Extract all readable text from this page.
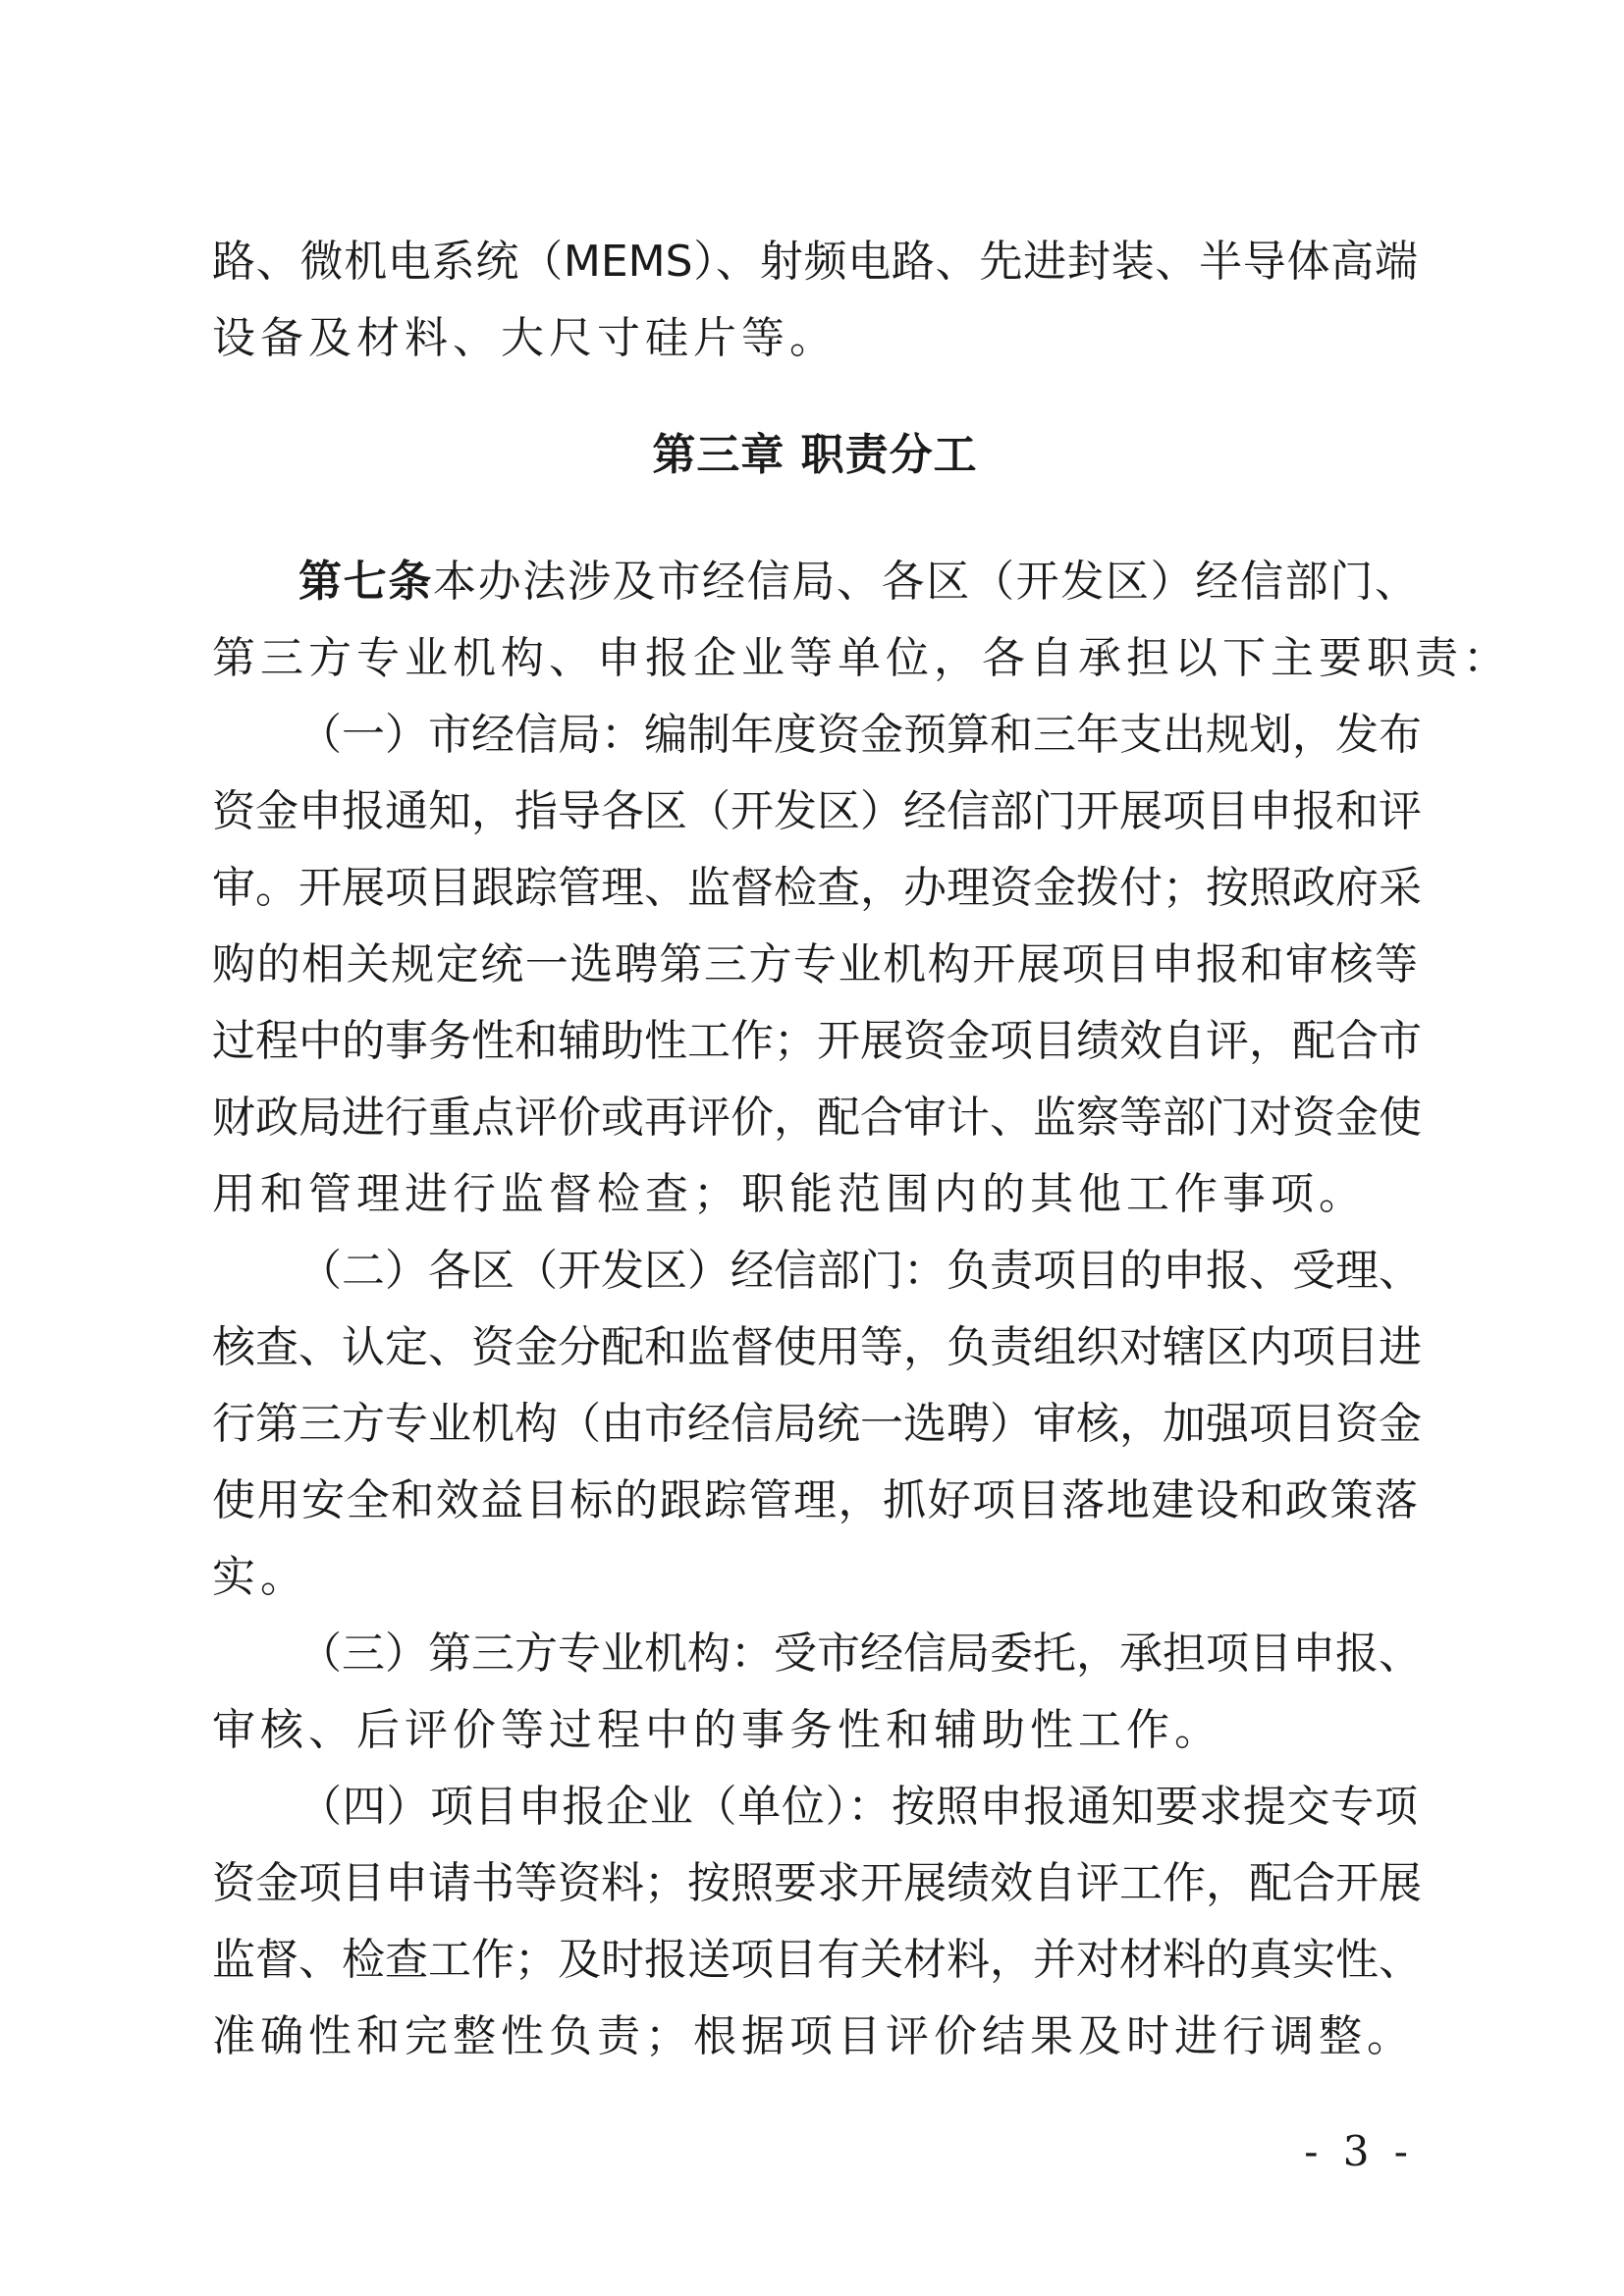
路、微机电系统（MEMS）、射频电路、先进封装、半导体高端
设备及材料、大尺寸硅片等。
第三章 职责分工
第七条本办法涉及市经信局、各区（开发区）经信部门、
第三方专业机构、申报企业等单位，各自承担以下主要职责：
（一）市经信局：编制年度资金预算和三年支出规划，发布
资金申报通知，指导各区（开发区）经信部门开展项目申报和评
审。开展项目跟踪管理、监督检查，办理资金拨付；按照政府采
购的相关规定统一选聘第三方专业机构开展项目申报和审核等
过程中的事务性和辅助性工作；开展资金项目绩效自评，配合市
财政局进行重点评价或再评价，配合审计、监察等部门对资金使
用和管理进行监督检查；职能范围内的其他工作事项。
（二）各区（开发区）经信部门：负责项目的申报、受理、
核查、认定、资金分配和监督使用等，负责组织对辖区内项目进
行第三方专业机构（由市经信局统一选聘）审核，加强项目资金
使用安全和效益目标的跟踪管理，抓好项目落地建设和政策落
实。
（三）第三方专业机构：受市经信局委托，承担项目申报、
审核、后评价等过程中的事务性和辅助性工作。
（四）项目申报企业（单位）：按照申报通知要求提交专项
资金项目申请书等资料；按照要求开展绩效自评工作，配合开展
监督、检查工作；及时报送项目有关材料，并对材料的真实性、
准确性和完整性负责；根据项目评价结果及时进行调整。
- 3 -
